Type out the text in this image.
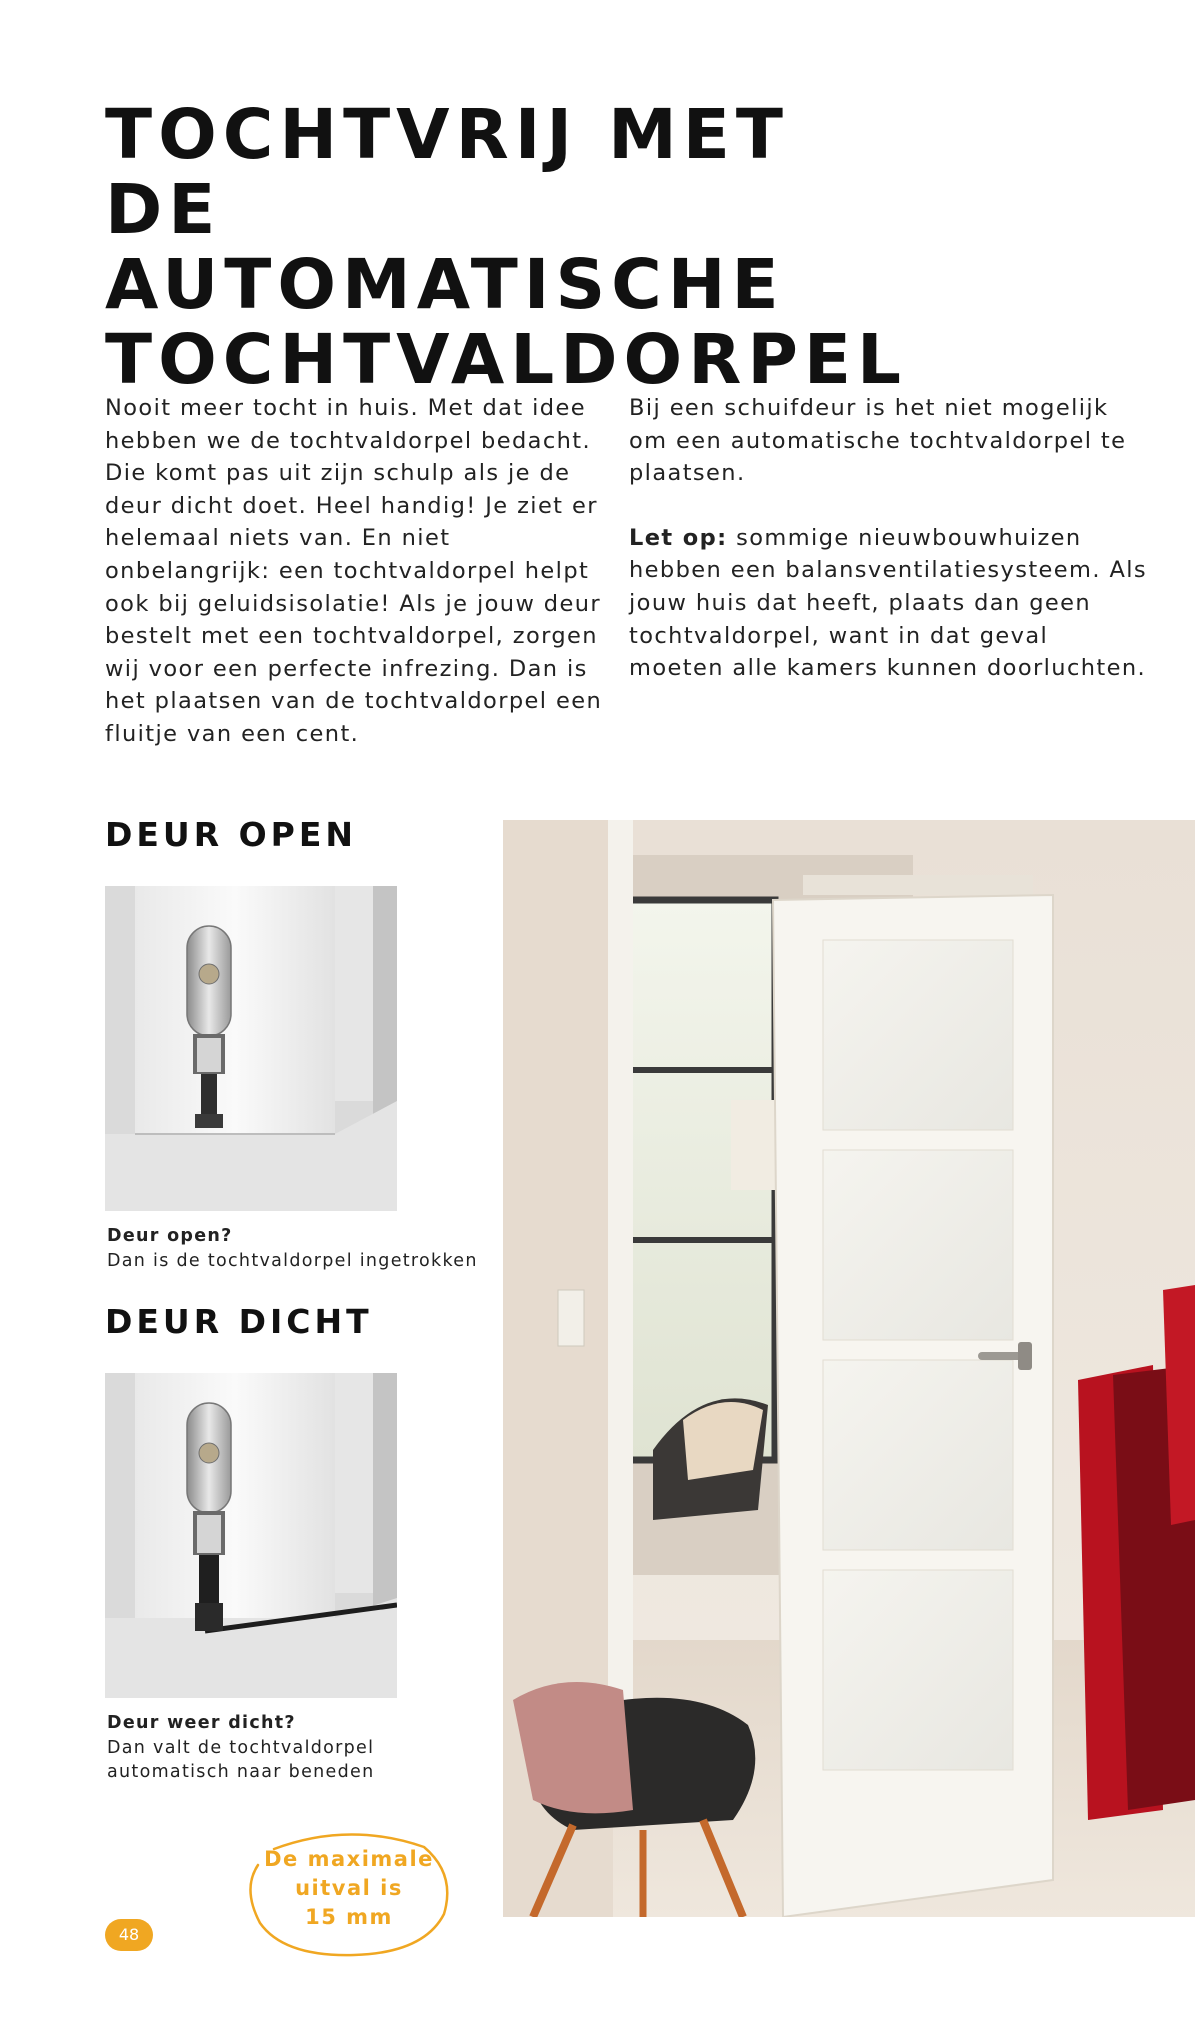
TOCHTVRIJ MET
DE AUTOMATISCHE
TOCHTVALDORPEL

Nooit meer tocht in huis. Met dat idee hebben we de tochtvaldorpel bedacht. Die komt pas uit zijn schulp als je de deur dicht doet. Heel handig! Je ziet er helemaal niets van. En niet onbelangrijk: een tochtvaldorpel helpt ook bij geluidsisolatie! Als je jouw deur bestelt met een tochtvaldorpel, zorgen wij voor een perfecte infrezing. Dan is het plaatsen van de tochtvaldorpel een fluitje van een cent.

Bij een schuifdeur is het niet mogelijk om een automatische tochtvaldorpel te plaatsen.

Let op: sommige nieuwbouwhuizen hebben een balansventilatiesysteem. Als jouw huis dat heeft, plaats dan geen tochtvaldorpel, want in dat geval moeten alle kamers kunnen doorluchten.

DEUR OPEN
Deur open?
Dan is de tochtvaldorpel ingetrokken
DEUR DICHT
Deur weer dicht?
Dan valt de tochtvaldorpel
automatisch naar beneden
De maximale
uitval is
15 mm
48
